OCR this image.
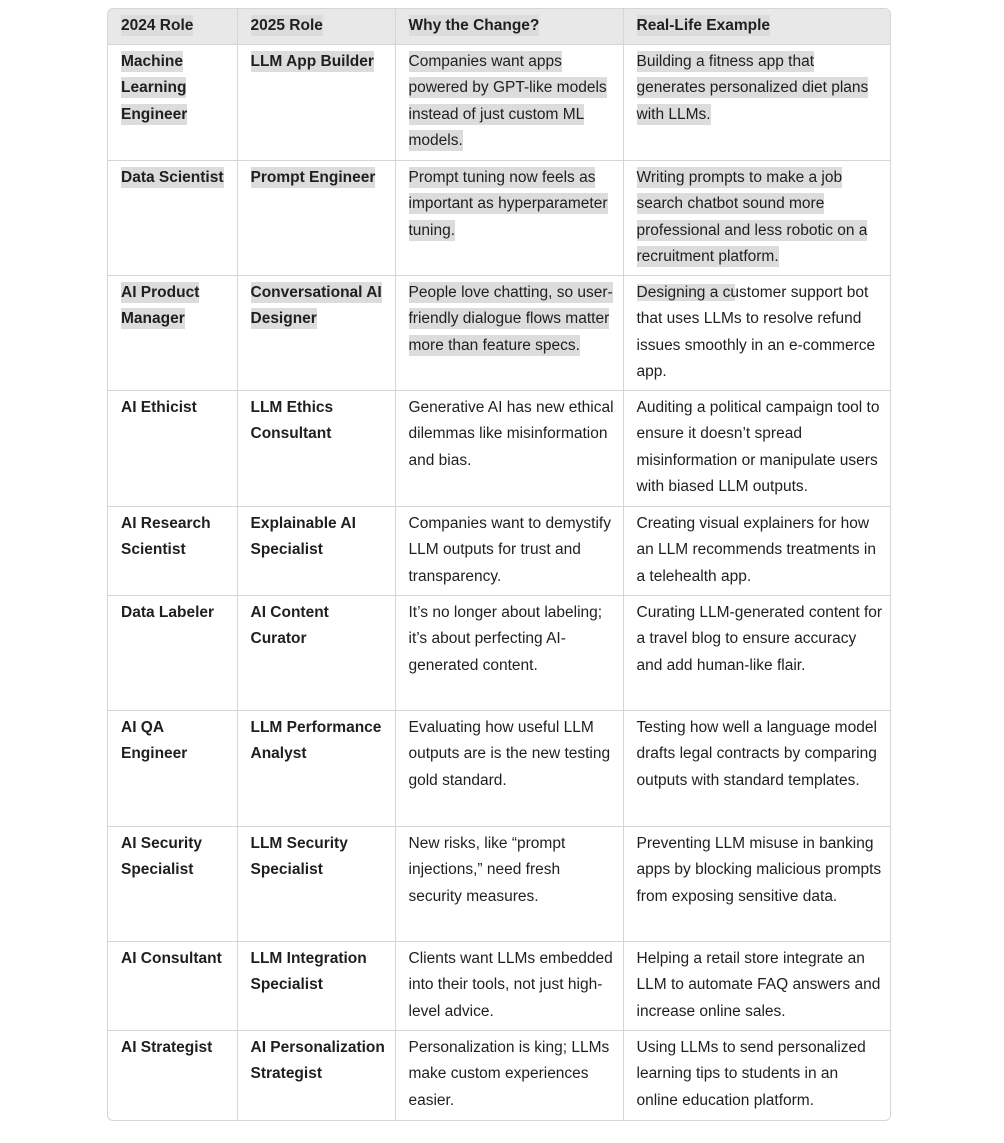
2024 Role	2025 Role	Why the Change?	Real-Life Example
Machine Learning Engineer	LLM App Builder	Companies want apps powered by GPT-like models instead of just custom ML models.	Building a fitness app that generates personalized diet plans with LLMs.
Data Scientist	Prompt Engineer	Prompt tuning now feels as important as hyperparameter tuning.	Writing prompts to make a job search chatbot sound more professional and less robotic on a recruitment platform.
AI Product Manager	Conversational AI Designer	People love chatting, so user-friendly dialogue flows matter more than feature specs.	Designing a customer support bot that uses LLMs to resolve refund issues smoothly in an e-commerce app.
AI Ethicist	LLM Ethics Consultant	Generative AI has new ethical dilemmas like misinformation and bias.	Auditing a political campaign tool to ensure it doesn’t spread misinformation or manipulate users with biased LLM outputs.
AI Research Scientist	Explainable AI Specialist	Companies want to demystify LLM outputs for trust and transparency.	Creating visual explainers for how an LLM recommends treatments in a telehealth app.
Data Labeler	AI Content Curator	It’s no longer about labeling; it’s about perfecting AI-generated content.	Curating LLM-generated content for a travel blog to ensure accuracy and add human-like flair.
AI QA Engineer	LLM Performance Analyst	Evaluating how useful LLM outputs are is the new testing gold standard.	Testing how well a language model drafts legal contracts by comparing outputs with standard templates.
AI Security Specialist	LLM Security Specialist	New risks, like “prompt injections,” need fresh security measures.	Preventing LLM misuse in banking apps by blocking malicious prompts from exposing sensitive data.
AI Consultant	LLM Integration Specialist	Clients want LLMs embedded into their tools, not just high-level advice.	Helping a retail store integrate an LLM to automate FAQ answers and increase online sales.
AI Strategist	AI Personalization Strategist	Personalization is king; LLMs make custom experiences easier.	Using LLMs to send personalized learning tips to students in an online education platform.
